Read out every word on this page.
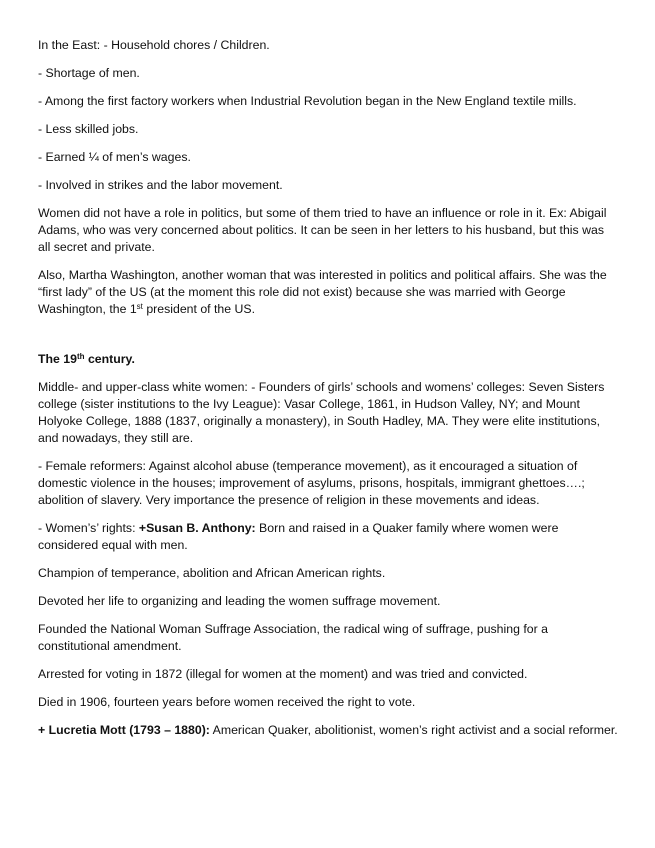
In the East: - Household chores / Children.

- Shortage of men.

- Among the first factory workers when Industrial Revolution began in the New England textile mills.

- Less skilled jobs.

- Earned ¼ of men’s wages.

- Involved in strikes and the labor movement.

Women did not have a role in politics, but some of them tried to have an influence or role in it. Ex: Abigail Adams, who was very concerned about politics. It can be seen in her letters to his husband, but this was all secret and private.

Also, Martha Washington, another woman that was interested in politics and political affairs. She was the “first lady” of the US (at the moment this role did not exist) because she was married with George Washington, the 1st president of the US.

The 19th century.

Middle- and upper-class white women: - Founders of girls’ schools and womens’ colleges: Seven Sisters college (sister institutions to the Ivy League): Vasar College, 1861, in Hudson Valley, NY; and Mount Holyoke College, 1888 (1837, originally a monastery), in South Hadley, MA. They were elite institutions, and nowadays, they still are.

- Female reformers: Against alcohol abuse (temperance movement), as it encouraged a situation of domestic violence in the houses; improvement of asylums, prisons, hospitals, immigrant ghettoes….; abolition of slavery. Very importance the presence of religion in these movements and ideas.

- Women’s’ rights: +Susan B. Anthony: Born and raised in a Quaker family where women were considered equal with men.

Champion of temperance, abolition and African American rights.

Devoted her life to organizing and leading the women suffrage movement.

Founded the National Woman Suffrage Association, the radical wing of suffrage, pushing for a constitutional amendment.

Arrested for voting in 1872 (illegal for women at the moment) and was tried and convicted.

Died in 1906, fourteen years before women received the right to vote.

+ Lucretia Mott (1793 – 1880): American Quaker, abolitionist, women’s right activist and a social reformer.
